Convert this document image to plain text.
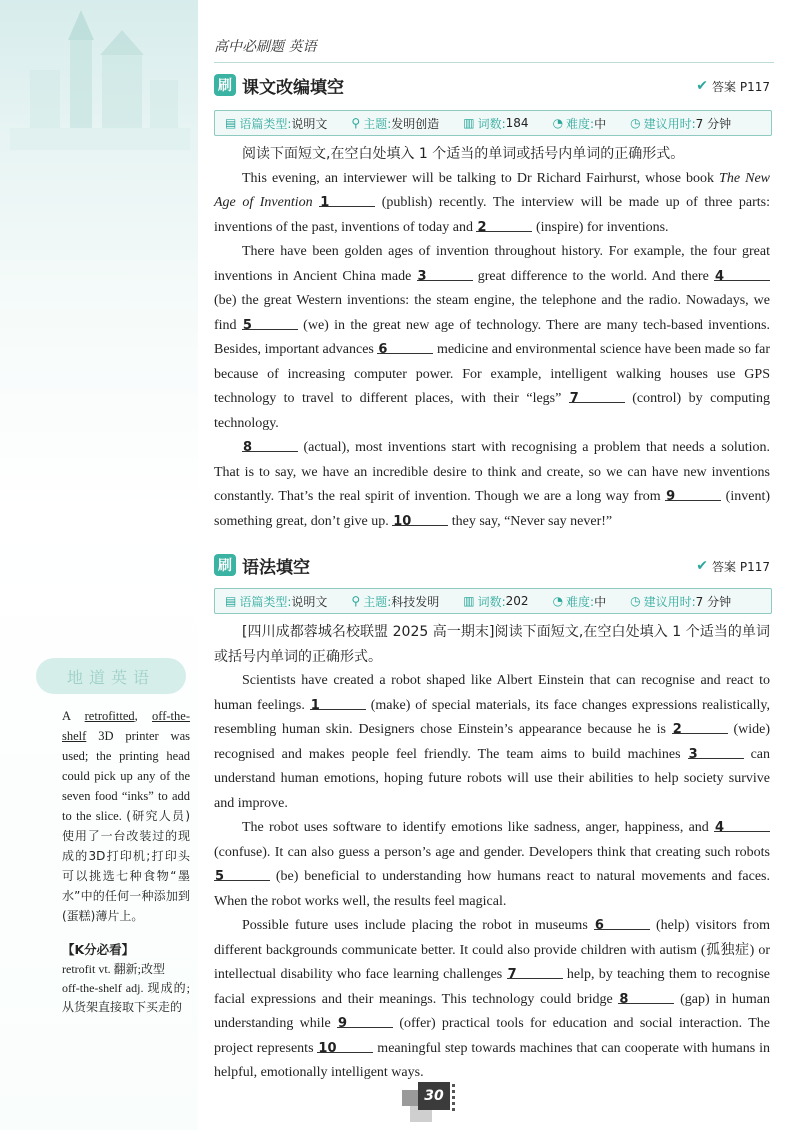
地道英语
A retrofitted, off-the-shelf 3D printer was used; the printing head could pick up any of the seven food “inks” to add to the slice. (研究人员)使用了一台改装过的现成的3D打印机;打印头可以挑选七种食物“墨水”中的任何一种添加到(蛋糕)薄片上。
【K分必看】
retrofit vt. 翻新;改型
off-the-shelf adj. 现成的;从货架直接取下买走的
高中必刷题 英语
刷 课文改编填空	✔ 答案 P117
▤ 语篇类型: 说明文 ⚲ 主题: 发明创造 ▥ 词数: 184 ◔ 难度: 中 ◷ 建议用时: 7 分钟

阅读下面短文,在空白处填入 1 个适当的单词或括号内单词的正确形式。

This evening, an interviewer will be talking to Dr Richard Fairhurst, whose book The New Age of Invention 1	(publish) recently. The interview will be made up of three parts: inventions of the past, inventions of today and 2	(inspire) for inventions.

There have been golden ages of invention throughout history. For example, the four great inventions in Ancient China made 3	great difference to the world. And there 4 (be) the great Western inventions: the steam engine, the telephone and the radio. Nowadays, we find 5	(we) in the great new age of technology. There are many tech-based inventions. Besides, important advances 6	medicine and environmental science have been made so far because of increasing computer power. For example, intelligent walking houses use GPS technology to travel to different places, with their “legs” 7	(control) by computing technology.

8	(actual), most inventions start with recognising a problem that needs a solution. That is to say, we have an incredible desire to think and create, so we can have new inventions constantly. That’s the real spirit of invention. Though we are a long way from 9	(invent) something great, don’t give up. 10	they say, “Never say never!”

刷 语法填空	✔ 答案 P117
▤ 语篇类型: 说明文 ⚲ 主题: 科技发明 ▥ 词数: 202 ◔ 难度: 中 ◷ 建议用时: 7 分钟

[四川成都蓉城名校联盟 2025 高一期末]阅读下面短文,在空白处填入 1 个适当的单词或括号内单词的正确形式。

Scientists have created a robot shaped like Albert Einstein that can recognise and react to human feelings. 1	(make) of special materials, its face changes expressions realistically, resembling human skin. Designers chose Einstein’s appearance because he is 2	(wide) recognised and makes people feel friendly. The team aims to build machines 3	can understand human emotions, hoping future robots will use their abilities to help society survive and improve.

The robot uses software to identify emotions like sadness, anger, happiness, and 4 (confuse). It can also guess a person’s age and gender. Developers think that creating such robots 5	(be) beneficial to understanding how humans react to natural movements and faces. When the robot works well, the results feel magical.

Possible future uses include placing the robot in museums 6	(help) visitors from different backgrounds communicate better. It could also provide children with autism (孤独症) or intellectual disability who face learning challenges 7	help, by teaching them to recognise facial expressions and their meanings. This technology could bridge 8	(gap) in human understanding while 9	(offer) practical tools for education and social interaction. The project represents 10	meaningful step towards machines that can cooperate with humans in helpful, emotionally intelligent ways.

30
